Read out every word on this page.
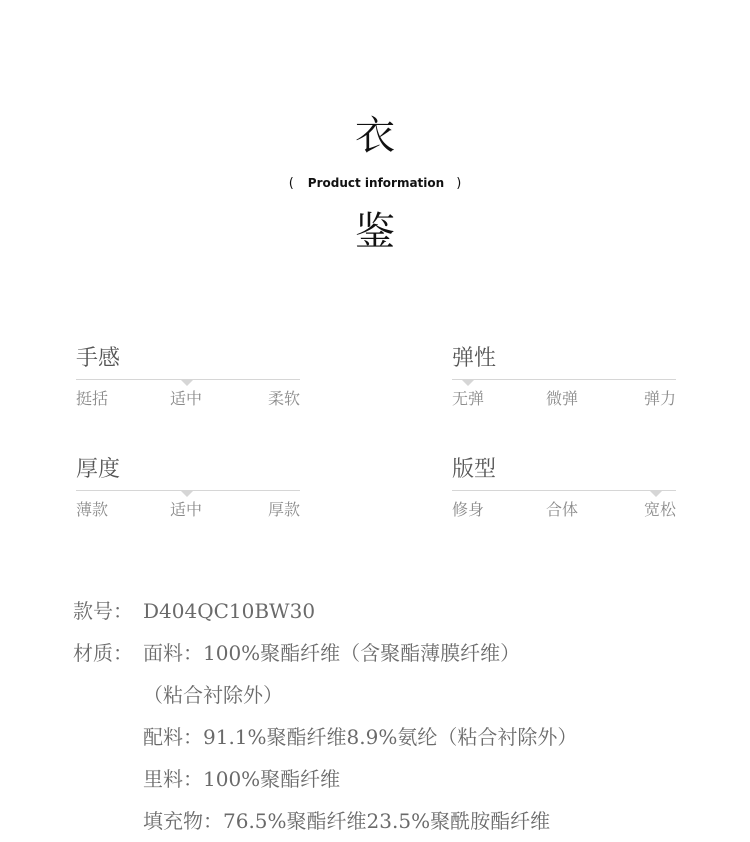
衣
( Product information )
鉴
手感
挺括	适中	柔软
弹性
无弹	微弹	弹力
厚度
薄款	适中	厚款
版型
修身	合体	宽松
款号： D404QC10BW30
材质： 面料：100%聚酯纤维（含聚酯薄膜纤维）
（粘合衬除外）
配料：91.1%聚酯纤维8.9%氨纶（粘合衬除外）
里料：100%聚酯纤维
填充物：76.5%聚酯纤维23.5%聚酰胺酯纤维
